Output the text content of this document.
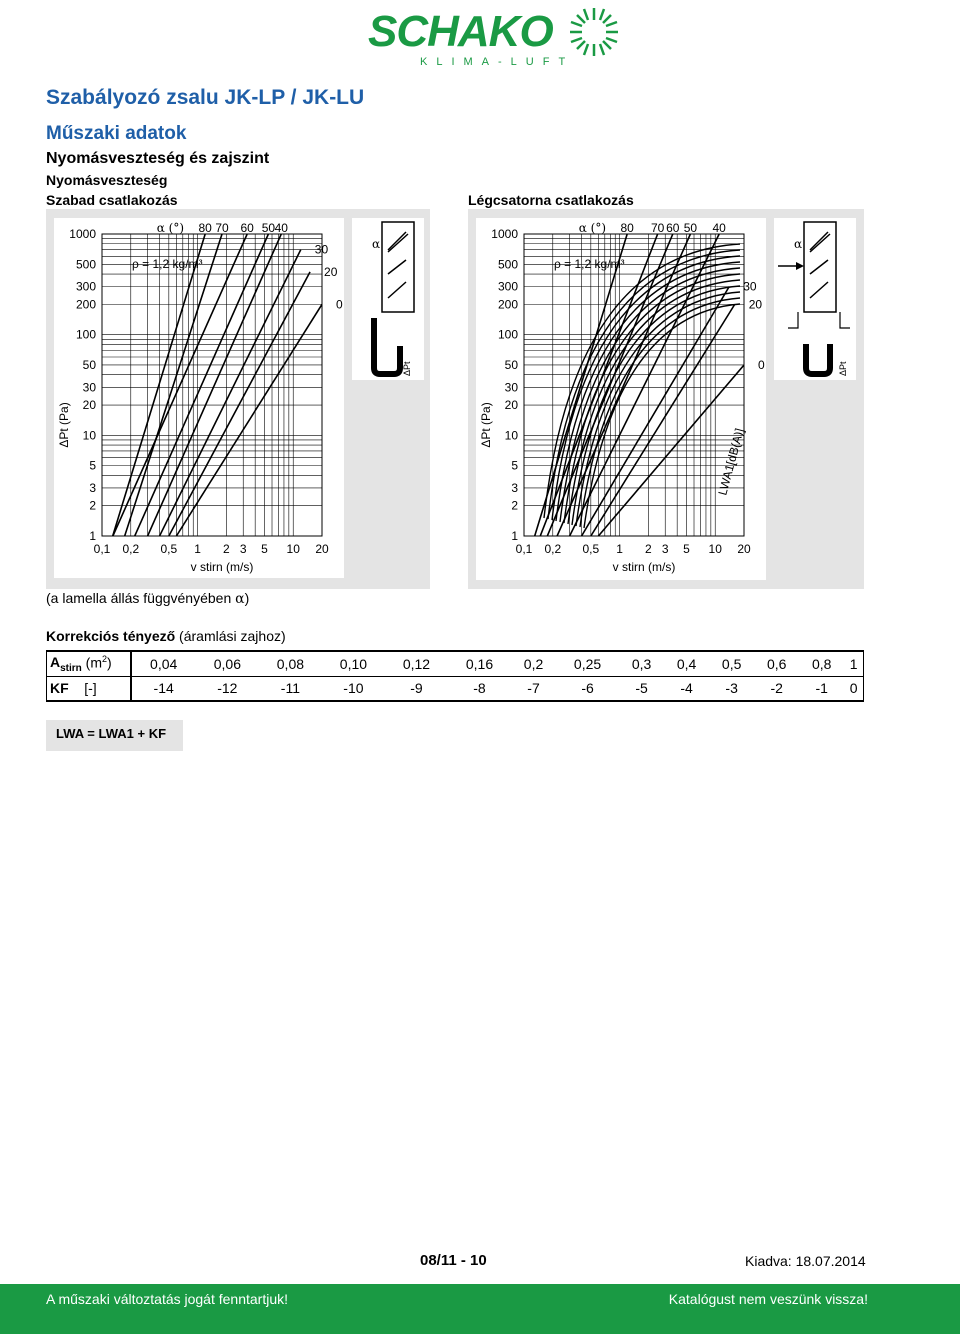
SCHAKO
KLIMA-LUFT
Szabályozó zsalu JK-LP / JK-LU
Műszaki adatok
Nyomásveszteség és zajszint
Nyomásveszteség
Szabad csatlakozás	Légcsatorna csatlakozás
0,1 0,2 0,5 1 2 3 5 10 20
1
2
3
5
10
20
30
50
100
200
300
500
1000
v stirn (m/s)
ΔPt (Pa)
80 70 60 50 40
30
20
0
ρ = 1,2 kg/m³
α (°)
α
ΔPt
0,1 0,2 0,5 1 2 3 5 10 20
1
2
3
5
10
20
30
50
100
200
300
500
1000
v stirn (m/s)
ΔPt (Pa)
80 70 60 50 40
30
20
0
LWA1[dB(A)]
ρ = 1,2 kg/m³
α (°)
α
ΔPt
(a lamella állás függvényében α)
Korrekciós tényező (áramlási zajhoz)
$A_{stirn}$ $(m^2)$	0,04	0,06	0,08	0,10	0,12	0,16	0,2	0,25	0,3	0,4	0,5	0,6	0,8	1
KF    [-]	-14	-12	-11	-10	-9	-8	-7	-6	-5	-4	-3	-2	-1	0
LWA = LWA1 + KF
08/11 - 10	Kiadva: 18.07.2014
A műszaki változtatás jogát fenntartjuk!	Katalógust nem veszünk vissza!
